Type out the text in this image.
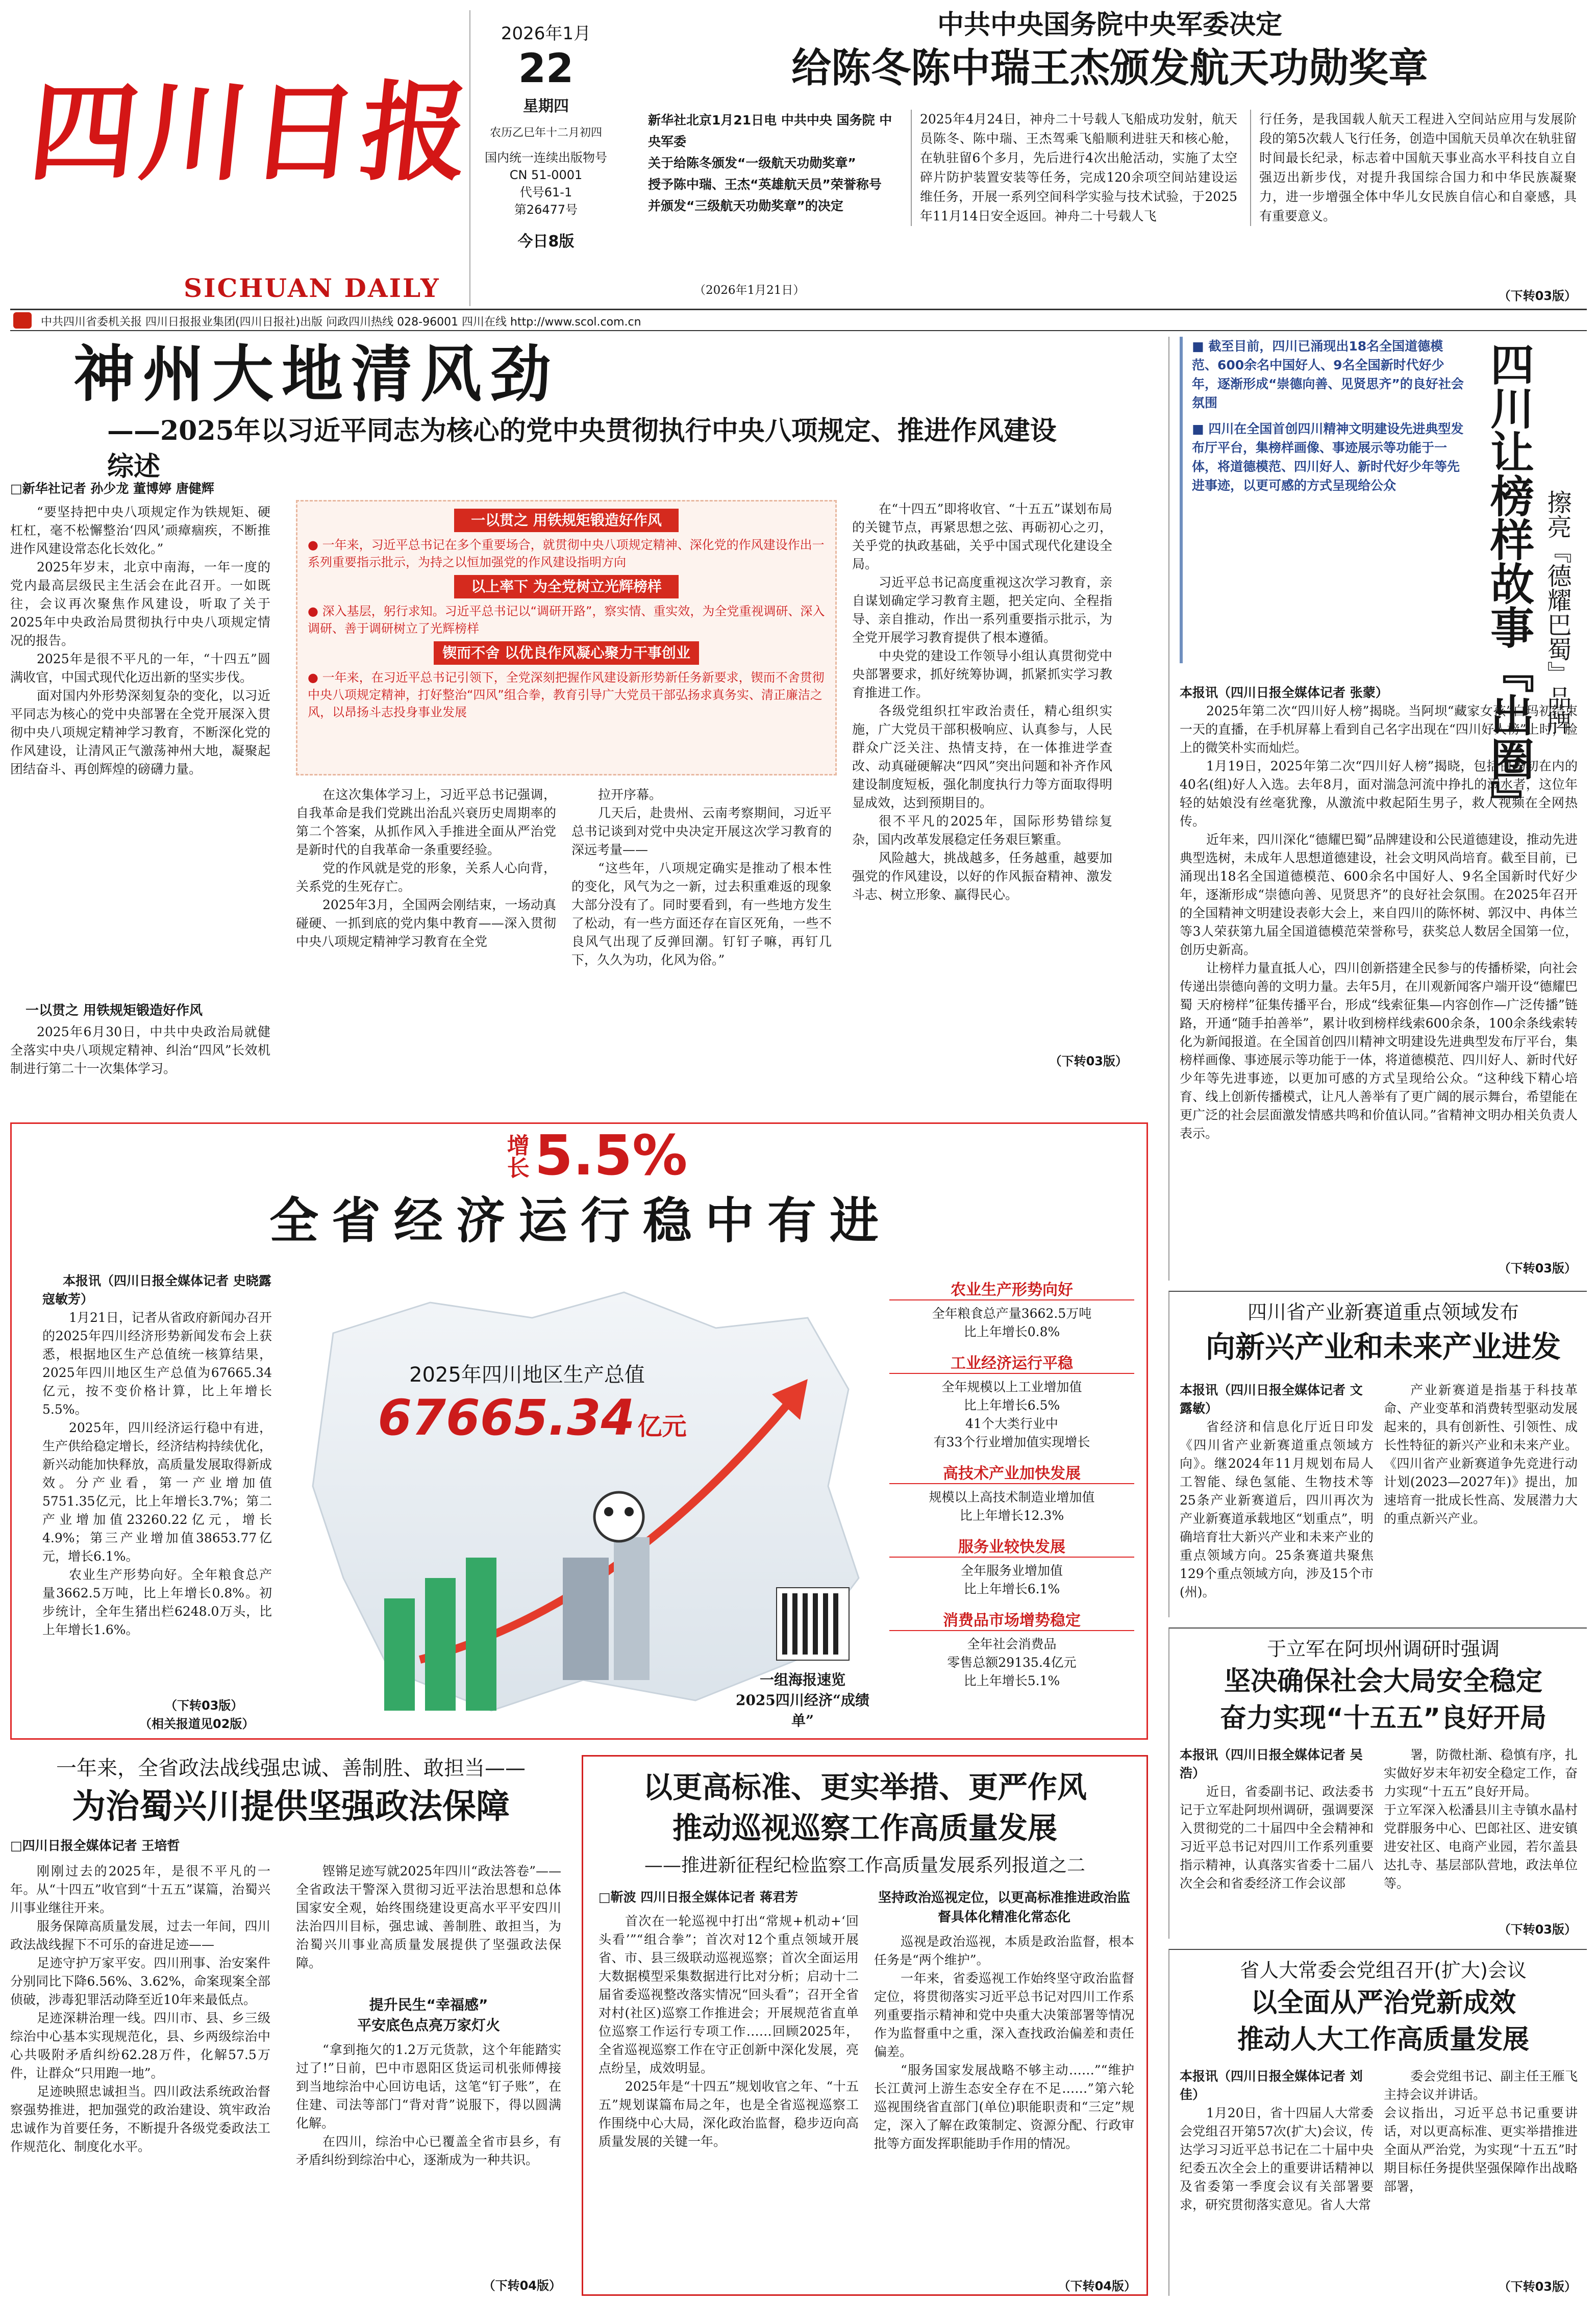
四川日报
SICHUAN DAILY
2026年1月
22
星期四
农历乙巳年十二月初四
国内统一连续出版物号
CN 51-0001
代号61-1
第26477号
今日8版
中共中央国务院中央军委决定
给陈冬陈中瑞王杰颁发航天功勋奖章
新华社北京1月21日电 中共中央 国务院 中央军委
关于给陈冬颁发“一级航天功勋奖章”
授予陈中瑞、王杰“英雄航天员”荣誉称号并颁发“三级航天功勋奖章”的决定
（2026年1月21日）
2025年4月24日，神舟二十号载人飞船成功发射，航天员陈冬、陈中瑞、王杰驾乘飞船顺利进驻天和核心舱，在轨驻留6个多月，先后进行4次出舱活动，实施了太空碎片防护装置安装等任务，完成120余项空间站建设运维任务，开展一系列空间科学实验与技术试验，于2025年11月14日安全返回。神舟二十号载人飞
行任务，是我国载人航天工程进入空间站应用与发展阶段的第5次载人飞行任务，创造中国航天员单次在轨驻留时间最长纪录，标志着中国航天事业高水平科技自立自强迈出新步伐，对提升我国综合国力和中华民族凝聚力，进一步增强全体中华儿女民族自信心和自豪感，具有重要意义。
（下转03版）
中共四川省委机关报 四川日报报业集团(四川日报社)出版 问政四川热线 028-96001 四川在线 http://www.scol.com.cn
神州大地清风劲
——2025年以习近平同志为核心的党中央贯彻执行中央八项规定、推进作风建设综述
□新华社记者 孙少龙 董博婷 唐健辉

“要坚持把中央八项规定作为铁规矩、硬杠杠，毫不松懈整治‘四风’顽瘴痼疾，不断推进作风建设常态化长效化。”

2025年岁末，北京中南海，一年一度的党内最高层级民主生活会在此召开。一如既往，会议再次聚焦作风建设，听取了关于2025年中央政治局贯彻执行中央八项规定情况的报告。

2025年是很不平凡的一年，“十四五”圆满收官，中国式现代化迈出新的坚实步伐。

面对国内外形势深刻复杂的变化，以习近平同志为核心的党中央部署在全党开展深入贯彻中央八项规定精神学习教育，不断深化党的作风建设，让清风正气激荡神州大地，凝聚起团结奋斗、再创辉煌的磅礴力量。

一以贯之 用铁规矩锻造好作风

2025年6月30日，中共中央政治局就健全落实中央八项规定精神、纠治“四风”长效机制进行第二十一次集体学习。

一以贯之 用铁规矩锻造好作风
● 一年来，习近平总书记在多个重要场合，就贯彻中央八项规定精神、深化党的作风建设作出一系列重要指示批示，为持之以恒加强党的作风建设指明方向
以上率下 为全党树立光辉榜样
● 深入基层，躬行求知。习近平总书记以“调研开路”，察实情、重实效，为全党重视调研、深入调研、善于调研树立了光辉榜样
锲而不舍 以优良作风凝心聚力干事创业
● 一年来，在习近平总书记引领下，全党深刻把握作风建设新形势新任务新要求，锲而不舍贯彻中央八项规定精神，打好整治“四风”组合拳，教育引导广大党员干部弘扬求真务实、清正廉洁之风，以昂扬斗志投身事业发展

在这次集体学习上，习近平总书记强调，自我革命是我们党跳出治乱兴衰历史周期率的第二个答案，从抓作风入手推进全面从严治党是新时代的自我革命一条重要经验。

党的作风就是党的形象，关系人心向背，关系党的生死存亡。

2025年3月，全国两会刚结束，一场动真碰硬、一抓到底的党内集中教育——深入贯彻中央八项规定精神学习教育在全党

拉开序幕。

几天后，赴贵州、云南考察期间，习近平总书记谈到对党中央决定开展这次学习教育的深远考量——

“这些年，八项规定确实是推动了根本性的变化，风气为之一新，过去积重难返的现象大部分没有了。同时要看到，有一些地方发生了松动，有一些方面还存在盲区死角，一些不良风气出现了反弹回潮。钉钉子嘛，再钉几下，久久为功，化风为俗。”

在“十四五”即将收官、“十五五”谋划布局的关键节点，再紧思想之弦、再砺初心之刃，关乎党的执政基础，关乎中国式现代化建设全局。

习近平总书记高度重视这次学习教育，亲自谋划确定学习教育主题，把关定向、全程指导、亲自推动，作出一系列重要指示批示，为全党开展学习教育提供了根本遵循。

中央党的建设工作领导小组认真贯彻党中央部署要求，抓好统筹协调，抓紧抓实学习教育推进工作。

各级党组织扛牢政治责任，精心组织实施，广大党员干部积极响应、认真参与，人民群众广泛关注、热情支持，在一体推进学查改、动真碰硬解决“四风”突出问题和补齐作风建设制度短板，强化制度执行力等方面取得明显成效，达到预期目的。

很不平凡的2025年，国际形势错综复杂，国内改革发展稳定任务艰巨繁重。

风险越大，挑战越多，任务越重，越要加强党的作风建设，以好的作风振奋精神、激发斗志、树立形象、赢得民心。

（下转03版）
■ 截至目前，四川已涌现出18名全国道德模范、600余名中国好人、9名全国新时代好少年，逐渐形成“崇德向善、见贤思齐”的良好社会氛围
■ 四川在全国首创四川精神文明建设先进典型发布厅平台，集榜样画像、事迹展示等功能于一体，将道德模范、四川好人、新时代好少年等先进事迹，以更可感的方式呈现给公众	四川让榜样故事『出圈』 擦亮『德耀巴蜀』品牌
本报讯（四川日报全媒体记者 张蒙）

2025年第二次“四川好人榜”揭晓。当阿坝“藏家女孩”白玛初结束一天的直播，在手机屏幕上看到自己名字出现在“四川好人榜”上时，脸上的微笑朴实而灿烂。

1月19日，2025年第二次“四川好人榜”揭晓，包括白玛初在内的40名(组)好人入选。去年8月，面对湍急河流中挣扎的溺水者，这位年轻的姑娘没有丝毫犹豫，从激流中救起陌生男子，救人视频在全网热传。

近年来，四川深化“德耀巴蜀”品牌建设和公民道德建设，推动先进典型选树，未成年人思想道德建设，社会文明风尚培育。截至目前，已涌现出18名全国道德模范、600余名中国好人、9名全国新时代好少年，逐渐形成“崇德向善、见贤思齐”的良好社会氛围。在2025年召开的全国精神文明建设表彰大会上，来自四川的陈怀树、郭汉中、冉体兰等3人荣获第九届全国道德模范荣誉称号，获奖总人数居全国第一位，创历史新高。

让榜样力量直抵人心，四川创新搭建全民参与的传播桥梁，向社会传递出崇德向善的文明力量。去年5月，在川观新闻客户端开设“德耀巴蜀 天府榜样”征集传播平台，形成“线索征集—内容创作—广泛传播”链路，开通“随手拍善举”，累计收到榜样线索600余条，100余条线索转化为新闻报道。在全国首创四川精神文明建设先进典型发布厅平台，集榜样画像、事迹展示等功能于一体，将道德模范、四川好人、新时代好少年等先进事迹，以更加可感的方式呈现给公众。“这种线下精心培育、线上创新传播模式，让凡人善举有了更广阔的展示舞台，希望能在更广泛的社会层面激发情感共鸣和价值认同。”省精神文明办相关负责人表示。

（下转03版）
增长 5.5%
全省经济运行稳中有进
本报讯（四川日报全媒体记者 史晓露 寇敏芳）

1月21日，记者从省政府新闻办召开的2025年四川经济形势新闻发布会上获悉，根据地区生产总值统一核算结果，2025年四川地区生产总值为67665.34亿元，按不变价格计算，比上年增长5.5%。

2025年，四川经济运行稳中有进，生产供给稳定增长，经济结构持续优化，新兴动能加快释放，高质量发展取得新成效。分产业看，第一产业增加值5751.35亿元，比上年增长3.7%；第二产业增加值23260.22亿元，增长4.9%；第三产业增加值38653.77亿元，增长6.1%。

农业生产形势向好。全年粮食总产量3662.5万吨，比上年增长0.8%。初步统计，全年生猪出栏6248.0万头，比上年增长1.6%。

（下转03版）
（相关报道见02版）
2025年四川地区生产总值
67665.34 亿元
一组海报速览
2025四川经济“成绩单”
农业生产形势向好
全年粮食总产量3662.5万吨
比上年增长0.8%
工业经济运行平稳
全年规模以上工业增加值
比上年增长6.5%
41个大类行业中
有33个行业增加值实现增长
高技术产业加快发展
规模以上高技术制造业增加值
比上年增长12.3%
服务业较快发展
全年服务业增加值
比上年增长6.1%
消费品市场增势稳定
全年社会消费品
零售总额29135.4亿元
比上年增长5.1%
四川省产业新赛道重点领域发布
向新兴产业和未来产业进发
本报讯（四川日报全媒体记者 文露敏）

省经济和信息化厅近日印发《四川省产业新赛道重点领域方向》。继2024年11月规划布局人工智能、绿色氢能、生物技术等25条产业新赛道后，四川再次为产业新赛道承载地区“划重点”，明确培育壮大新兴产业和未来产业的重点领域方向。25条赛道共聚焦129个重点领域方向，涉及15个市(州)。

产业新赛道是指基于科技革命、产业变革和消费转型驱动发展起来的，具有创新性、引领性、成长性特征的新兴产业和未来产业。《四川省产业新赛道争先竞进行动计划(2023—2027年)》提出，加速培育一批成长性高、发展潜力大的重点新兴产业。

于立军在阿坝州调研时强调
坚决确保社会大局安全稳定
奋力实现“十五五”良好开局
本报讯（四川日报全媒体记者 吴浩）

近日，省委副书记、政法委书记于立军赴阿坝州调研，强调要深入贯彻党的二十届四中全会精神和习近平总书记对四川工作系列重要指示精神，认真落实省委十二届八次全会和省委经济工作会议部

署，防微杜渐、稳慎有序，扎实做好岁末年初安全稳定工作，奋力实现“十五五”良好开局。
于立军深入松潘县川主寺镇水晶村党群服务中心、巴郎社区、进安镇进安社区、电商产业园，若尔盖县达扎寺、基层部队营地，政法单位等。

（下转03版）
省人大常委会党组召开(扩大)会议
以全面从严治党新成效
推动人大工作高质量发展
本报讯（四川日报全媒体记者 刘佳）

1月20日，省十四届人大常委会党组召开第57次(扩大)会议，传达学习习近平总书记在二十届中央纪委五次全会上的重要讲话精神以及省委第一季度会议有关部署要求，研究贯彻落实意见。省人大常

委会党组书记、副主任王雁飞主持会议并讲话。
会议指出，习近平总书记重要讲话，对以更高标准、更实举措推进全面从严治党，为实现“十五五”时期目标任务提供坚强保障作出战略部署，

（下转03版）
一年来，全省政法战线强忠诚、善制胜、敢担当——
为治蜀兴川提供坚强政法保障
□四川日报全媒体记者 王培哲

刚刚过去的2025年，是很不平凡的一年。从“十四五”收官到“十五五”谋篇，治蜀兴川事业继往开来。

服务保障高质量发展，过去一年间，四川政法战线握下不可乐的奋进足迹——

足迹守护万家平安。四川刑事、治安案件分别同比下降6.56%、3.62%，命案现案全部侦破，涉毒犯罪活动降至近10年来最低点。

足迹深耕治理一线。四川市、县、乡三级综治中心基本实现规范化，县、乡两级综治中心共吸附矛盾纠纷62.28万件，化解57.5万件，让群众“只用跑一地”。

足迹映照忠诚担当。四川政法系统政治督察强势推进，把加强党的政治建设、筑牢政治忠诚作为首要任务，不断提升各级党委政法工作规范化、制度化水平。

铿锵足迹写就2025年四川“政法答卷”——全省政法干警深入贯彻习近平法治思想和总体国家安全观，始终围绕建设更高水平平安四川法治四川目标，强忠诚、善制胜、敢担当，为治蜀兴川事业高质量发展提供了坚强政法保障。

提升民生“幸福感”
平安底色点亮万家灯火

“拿到拖欠的1.2万元货款，这个年能踏实过了!”日前，巴中市恩阳区货运司机张师傅接到当地综治中心回访电话，这笔“钉子账”，在住建、司法等部门“背对背”说服下，得以圆满化解。

在四川，综治中心已覆盖全省市县乡，有矛盾纠纷到综治中心，逐渐成为一种共识。

（下转04版）
以更高标准、更实举措、更严作风
推动巡视巡察工作高质量发展
——推进新征程纪检监察工作高质量发展系列报道之二
□靳波 四川日报全媒体记者 蒋君芳

首次在一轮巡视中打出“常规+机动+‘回头看’”“组合拳”；首次对12个重点领域开展省、市、县三级联动巡视巡察；首次全面运用大数据模型采集数据进行比对分析；启动十二届省委巡视整改落实情况“回头看”；召开全省对村(社区)巡察工作推进会；开展规范省直单位巡察工作运行专项工作……回顾2025年，全省巡视巡察工作在守正创新中深化发展，亮点纷呈，成效明显。

2025年是“十四五”规划收官之年、“十五五”规划谋篇布局之年，也是全省巡视巡察工作围绕中心大局，深化政治监督，稳步迈向高质量发展的关键一年。

坚持政治巡视定位，以更高标准推进政治监督具体化精准化常态化

巡视是政治巡视，本质是政治监督，根本任务是“两个维护”。

一年来，省委巡视工作始终坚守政治监督定位，将贯彻落实习近平总书记对四川工作系列重要指示精神和党中央重大决策部署等情况作为监督重中之重，深入查找政治偏差和责任偏差。

“服务国家发展战略不够主动……”“维护长江黄河上游生态安全存在不足……”第六轮巡视围绕省直部门(单位)职能职责和“三定”规定，深入了解在政策制定、资源分配、行政审批等方面发挥职能助手作用的情况。

（下转04版）
